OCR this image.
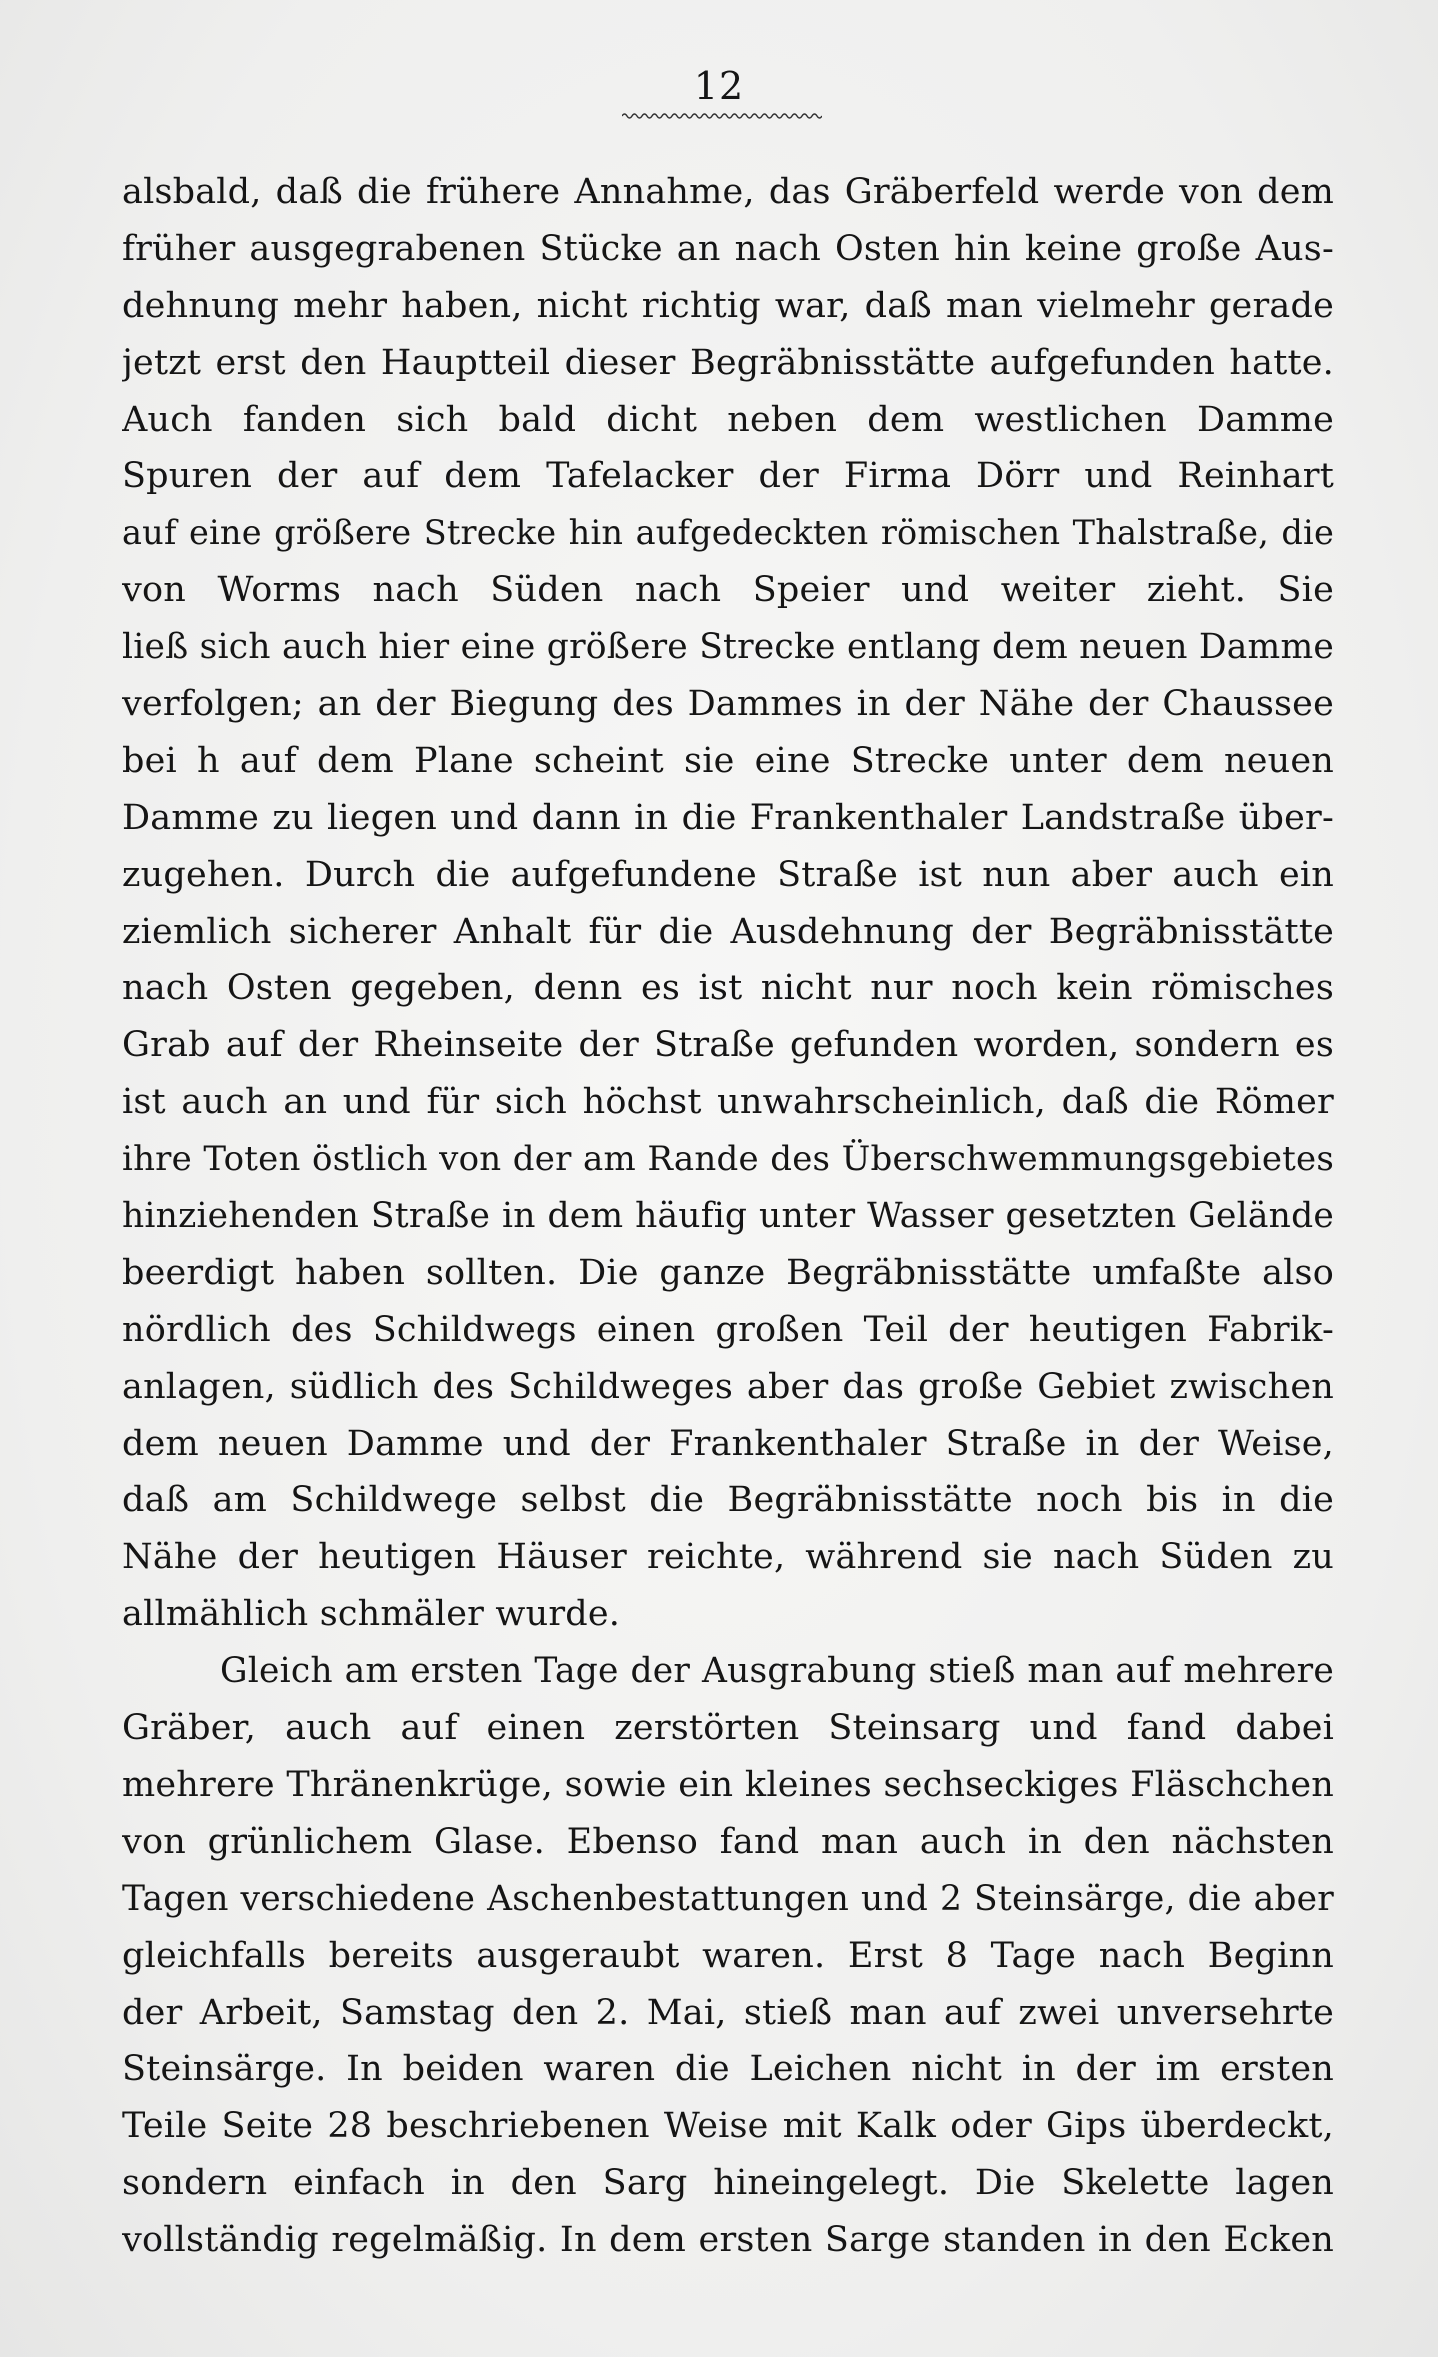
12
alsbald, daß die frühere Annahme, das Gräberfeld werde von dem
früher ausgegrabenen Stücke an nach Osten hin keine große Aus-
dehnung mehr haben, nicht richtig war, daß man vielmehr gerade
jetzt erst den Hauptteil dieser Begräbnisstätte aufgefunden hatte.
Auch fanden sich bald dicht neben dem westlichen Damme
Spuren der auf dem Tafelacker der Firma Dörr und Reinhart
auf eine größere Strecke hin aufgedeckten römischen Thalstraße, die
von Worms nach Süden nach Speier und weiter zieht. Sie
ließ sich auch hier eine größere Strecke entlang dem neuen Damme
verfolgen; an der Biegung des Dammes in der Nähe der Chaussee
bei h auf dem Plane scheint sie eine Strecke unter dem neuen
Damme zu liegen und dann in die Frankenthaler Landstraße über-
zugehen. Durch die aufgefundene Straße ist nun aber auch ein
ziemlich sicherer Anhalt für die Ausdehnung der Begräbnisstätte
nach Osten gegeben, denn es ist nicht nur noch kein römisches
Grab auf der Rheinseite der Straße gefunden worden, sondern es
ist auch an und für sich höchst unwahrscheinlich, daß die Römer
ihre Toten östlich von der am Rande des Überschwemmungsgebietes
hinziehenden Straße in dem häufig unter Wasser gesetzten Gelände
beerdigt haben sollten. Die ganze Begräbnisstätte umfaßte also
nördlich des Schildwegs einen großen Teil der heutigen Fabrik-
anlagen, südlich des Schildweges aber das große Gebiet zwischen
dem neuen Damme und der Frankenthaler Straße in der Weise,
daß am Schildwege selbst die Begräbnisstätte noch bis in die
Nähe der heutigen Häuser reichte, während sie nach Süden zu
allmählich schmäler wurde.
Gleich am ersten Tage der Ausgrabung stieß man auf mehrere
Gräber, auch auf einen zerstörten Steinsarg und fand dabei
mehrere Thränenkrüge, sowie ein kleines sechseckiges Fläschchen
von grünlichem Glase. Ebenso fand man auch in den nächsten
Tagen verschiedene Aschenbestattungen und 2 Steinsärge, die aber
gleichfalls bereits ausgeraubt waren. Erst 8 Tage nach Beginn
der Arbeit, Samstag den 2. Mai, stieß man auf zwei unversehrte
Steinsärge. In beiden waren die Leichen nicht in der im ersten
Teile Seite 28 beschriebenen Weise mit Kalk oder Gips überdeckt,
sondern einfach in den Sarg hineingelegt. Die Skelette lagen
vollständig regelmäßig. In dem ersten Sarge standen in den Ecken
